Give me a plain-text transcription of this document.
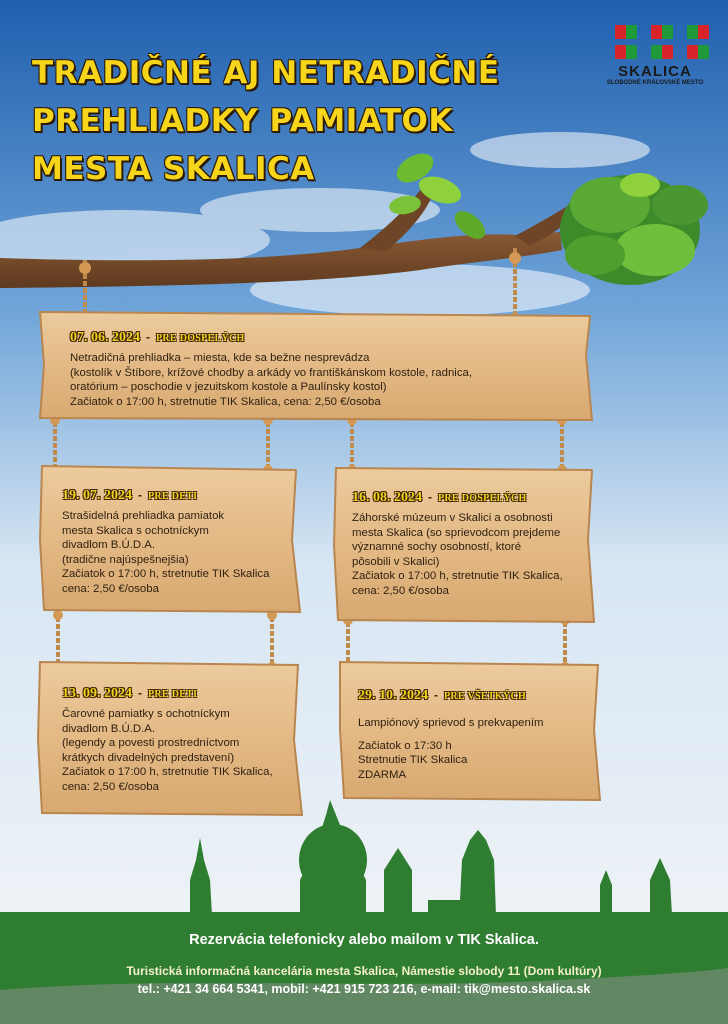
TRADIČNÉ AJ NETRADIČNÉ
PREHLIADKY PAMIATOK
MESTA SKALICA
SKALICA
SLOBODNÉ KRÁĽOVSKÉ MESTO
07. 06. 2024 - PRE DOSPELÝCH
Netradičná prehliadka – miesta, kde sa bežne nesprevádza
(kostolík v Štíbore, krížové chodby a arkády vo františkánskom kostole, radnica,
oratórium – poschodie v jezuitskom kostole a Paulínsky kostol)
Začiatok o 17:00 h, stretnutie TIK Skalica, cena: 2,50 €/osoba
19. 07. 2024 - PRE DETI
Strašidelná prehliadka pamiatok
mesta Skalica s ochotníckym
divadlom B.Ú.D.A.
(tradične najúspešnejšia)
Začiatok o 17:00 h, stretnutie TIK Skalica
cena: 2,50 €/osoba
16. 08. 2024 - PRE DOSPELÝCH
Záhorské múzeum v Skalici a osobnosti
mesta Skalica (so sprievodcom prejdeme
významné sochy osobností, ktoré
pôsobili v Skalici)
Začiatok o 17:00 h, stretnutie TIK Skalica,
cena: 2,50 €/osoba
13. 09. 2024 - PRE DETI
Čarovné pamiatky s ochotníckym
divadlom B.Ú.D.A.
(legendy a povesti prostredníctvom
krátkych divadelných predstavení)
Začiatok o 17:00 h, stretnutie TIK Skalica,
cena: 2,50 €/osoba
29. 10. 2024 - PRE VŠETKÝCH
Lampiónový sprievod s prekvapením
Začiatok o 17:30 h
Stretnutie TIK Skalica
ZDARMA
Rezervácia telefonicky alebo mailom v TIK Skalica.
Turistická informačná kancelária mesta Skalica, Námestie slobody 11 (Dom kultúry)
tel.: +421 34 664 5341, mobil: +421 915 723 216, e-mail: tik@mesto.skalica.sk
